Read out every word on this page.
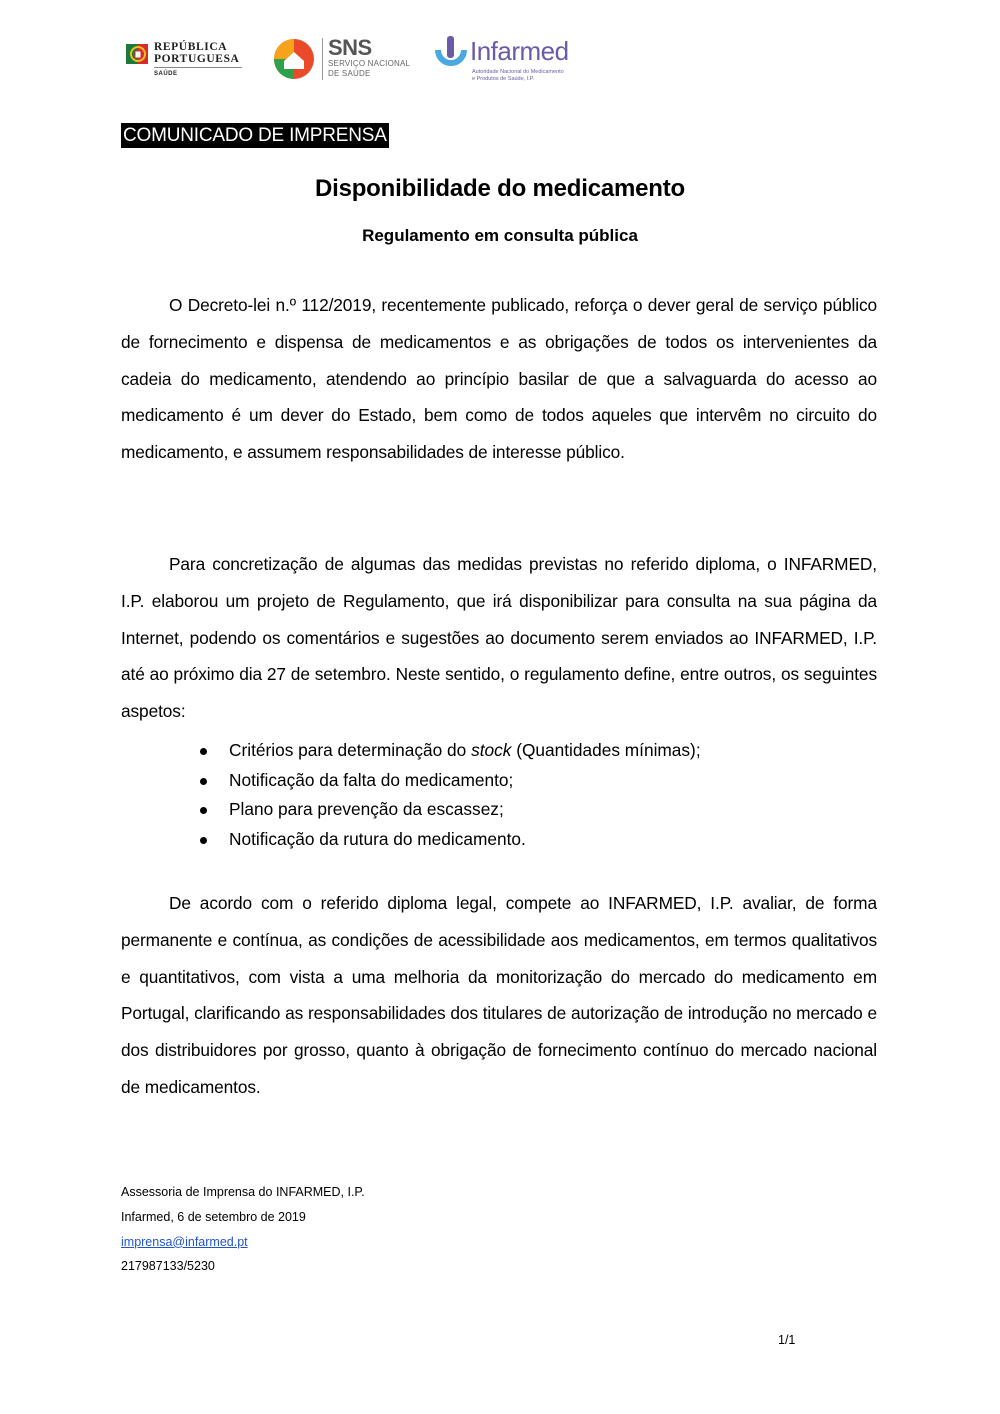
REPÚBLICA
PORTUGUESA
SAÚDE
SNS
SERVIÇO NACIONAL
DE SAÚDE
Infarmed
Autoridade Nacional do Medicamento
e Produtos de Saúde, I.P.
COMUNICADO DE IMPRENSA
Disponibilidade do medicamento
Regulamento em consulta pública

O Decreto-lei n.º 112/2019, recentemente publicado, reforça o dever geral de serviço público de fornecimento e dispensa de medicamentos e as obrigações de todos os intervenientes da cadeia do medicamento, atendendo ao princípio basilar de que a salvaguarda do acesso ao medicamento é um dever do Estado, bem como de todos aqueles que intervêm no circuito do medicamento, e assumem responsabilidades de interesse público.

Para concretização de algumas das medidas previstas no referido diploma, o INFARMED, I.P. elaborou um projeto de Regulamento, que irá disponibilizar para consulta na sua página da Internet, podendo os comentários e sugestões ao documento serem enviados ao INFARMED, I.P. até ao próximo dia 27 de setembro. Neste sentido, o regulamento define, entre outros, os seguintes aspetos:

Critérios para determinação do stock (Quantidades mínimas);
Notificação da falta do medicamento;
Plano para prevenção da escassez;
Notificação da rutura do medicamento.

De acordo com o referido diploma legal, compete ao INFARMED, I.P. avaliar, de forma permanente e contínua, as condições de acessibilidade aos medicamentos, em termos qualitativos e quantitativos, com vista a uma melhoria da monitorização do mercado do medicamento em Portugal, clarificando as responsabilidades dos titulares de autorização de introdução no mercado e dos distribuidores por grosso, quanto à obrigação de fornecimento contínuo do mercado nacional de medicamentos.

Assessoria de Imprensa do INFARMED, I.P.
Infarmed, 6 de setembro de 2019
imprensa@infarmed.pt
217987133/5230
1/1
